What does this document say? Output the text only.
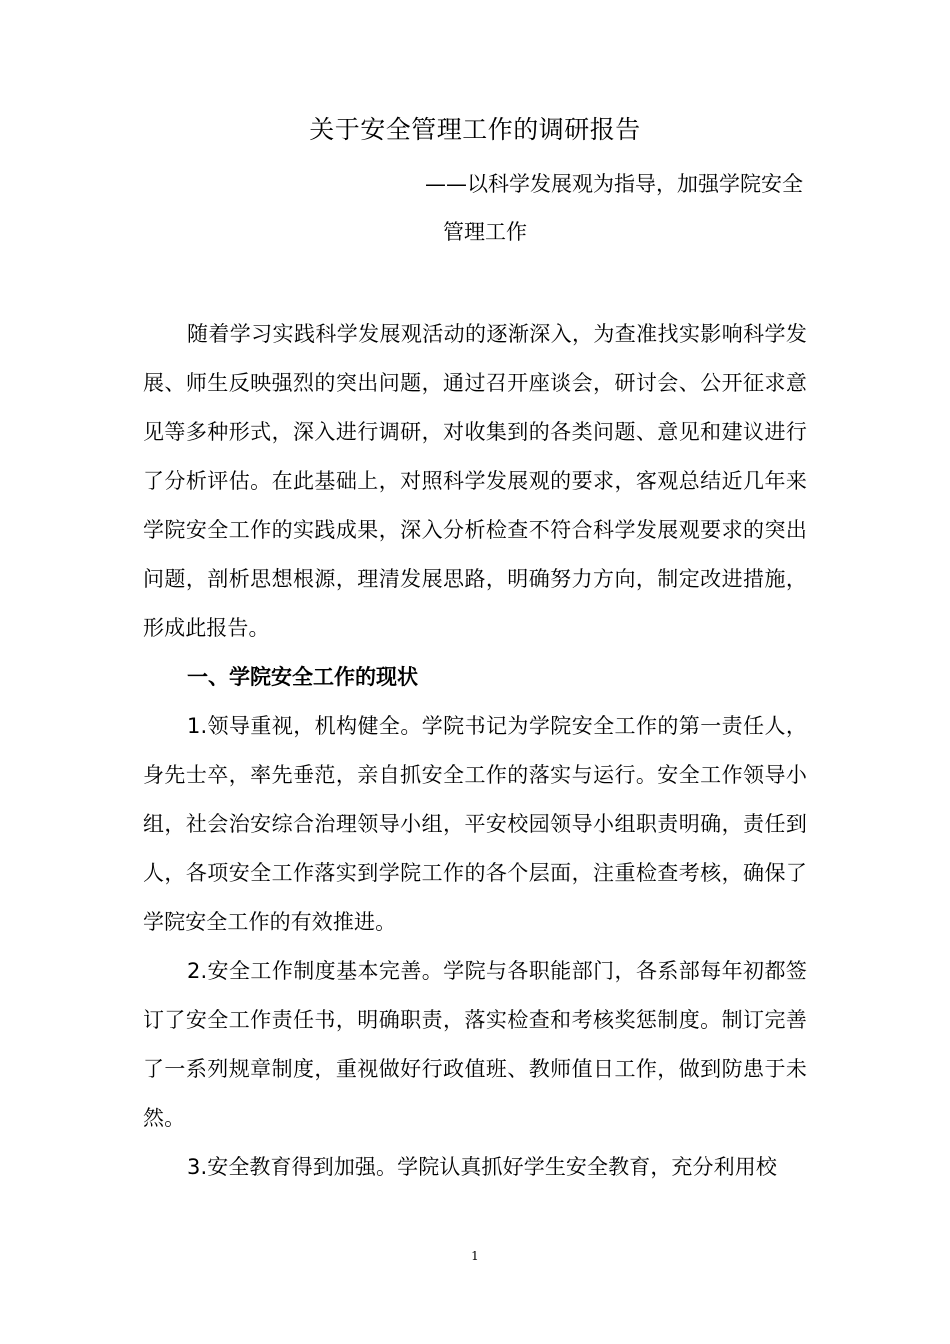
关于安全管理工作的调研报告

——以科学发展观为指导，加强学院安全

管理工作

随着学习实践科学发展观活动的逐渐深入，为查准找实影响科学发展、师生反映强烈的突出问题，通过召开座谈会，研讨会、公开征求意见等多种形式，深入进行调研，对收集到的各类问题、意见和建议进行了分析评估。在此基础上，对照科学发展观的要求，客观总结近几年来学院安全工作的实践成果，深入分析检查不符合科学发展观要求的突出问题，剖析思想根源，理清发展思路，明确努力方向，制定改进措施，形成此报告。

一、学院安全工作的现状

1.领导重视，机构健全。学院书记为学院安全工作的第一责任人，身先士卒，率先垂范，亲自抓安全工作的落实与运行。安全工作领导小组，社会治安综合治理领导小组，平安校园领导小组职责明确，责任到人，各项安全工作落实到学院工作的各个层面，注重检查考核，确保了学院安全工作的有效推进。

2.安全工作制度基本完善。学院与各职能部门，各系部每年初都签订了安全工作责任书，明确职责，落实检查和考核奖惩制度。制订完善了一系列规章制度，重视做好行政值班、教师值日工作，做到防患于未然。

3.安全教育得到加强。学院认真抓好学生安全教育，充分利用校

1
